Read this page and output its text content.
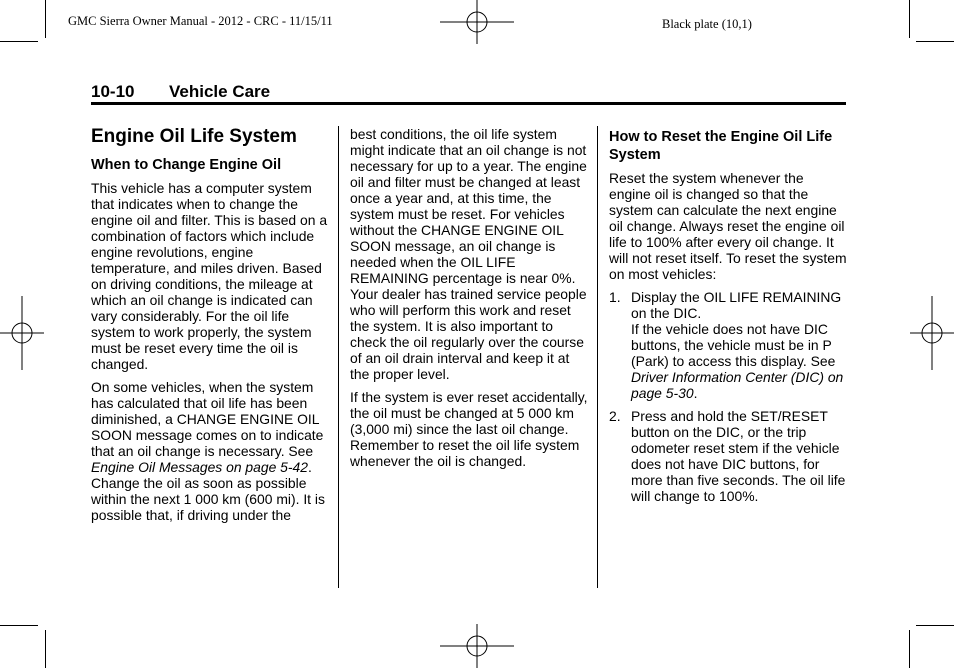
GMC Sierra Owner Manual - 2012 - CRC - 11/15/11	Black plate (10,1)
10-10 Vehicle Care
Engine Oil Life System
When to Change Engine Oil

This vehicle has a computer system that indicates when to change the engine oil and filter. This is based on a combination of factors which include engine revolutions, engine temperature, and miles driven. Based on driving conditions, the mileage at which an oil change is indicated can vary considerably. For the oil life system to work properly, the system must be reset every time the oil is changed.

On some vehicles, when the system has calculated that oil life has been diminished, a CHANGE ENGINE OIL SOON message comes on to indicate that an oil change is necessary. See Engine Oil Messages on page 5-42. Change the oil as soon as possible within the next 1 000 km (600 mi). It is possible that, if driving under the

best conditions, the oil life system might indicate that an oil change is not necessary for up to a year. The engine oil and filter must be changed at least once a year and, at this time, the system must be reset. For vehicles without the CHANGE ENGINE OIL SOON message, an oil change is needed when the OIL LIFE REMAINING percentage is near 0%. Your dealer has trained service people who will perform this work and reset the system. It is also important to check the oil regularly over the course of an oil drain interval and keep it at the proper level.

If the system is ever reset accidentally, the oil must be changed at 5 000 km (3,000 mi) since the last oil change. Remember to reset the oil life system whenever the oil is changed.

How to Reset the Engine Oil Life System

Reset the system whenever the engine oil is changed so that the system can calculate the next engine oil change. Always reset the engine oil life to 100% after every oil change. It will not reset itself. To reset the system on most vehicles:

1. Display the OIL LIFE REMAINING on the DIC.
If the vehicle does not have DIC buttons, the vehicle must be in P (Park) to access this display. See Driver Information Center (DIC) on page 5-30.
2. Press and hold the SET/RESET button on the DIC, or the trip odometer reset stem if the vehicle does not have DIC buttons, for more than five seconds. The oil life will change to 100%.
